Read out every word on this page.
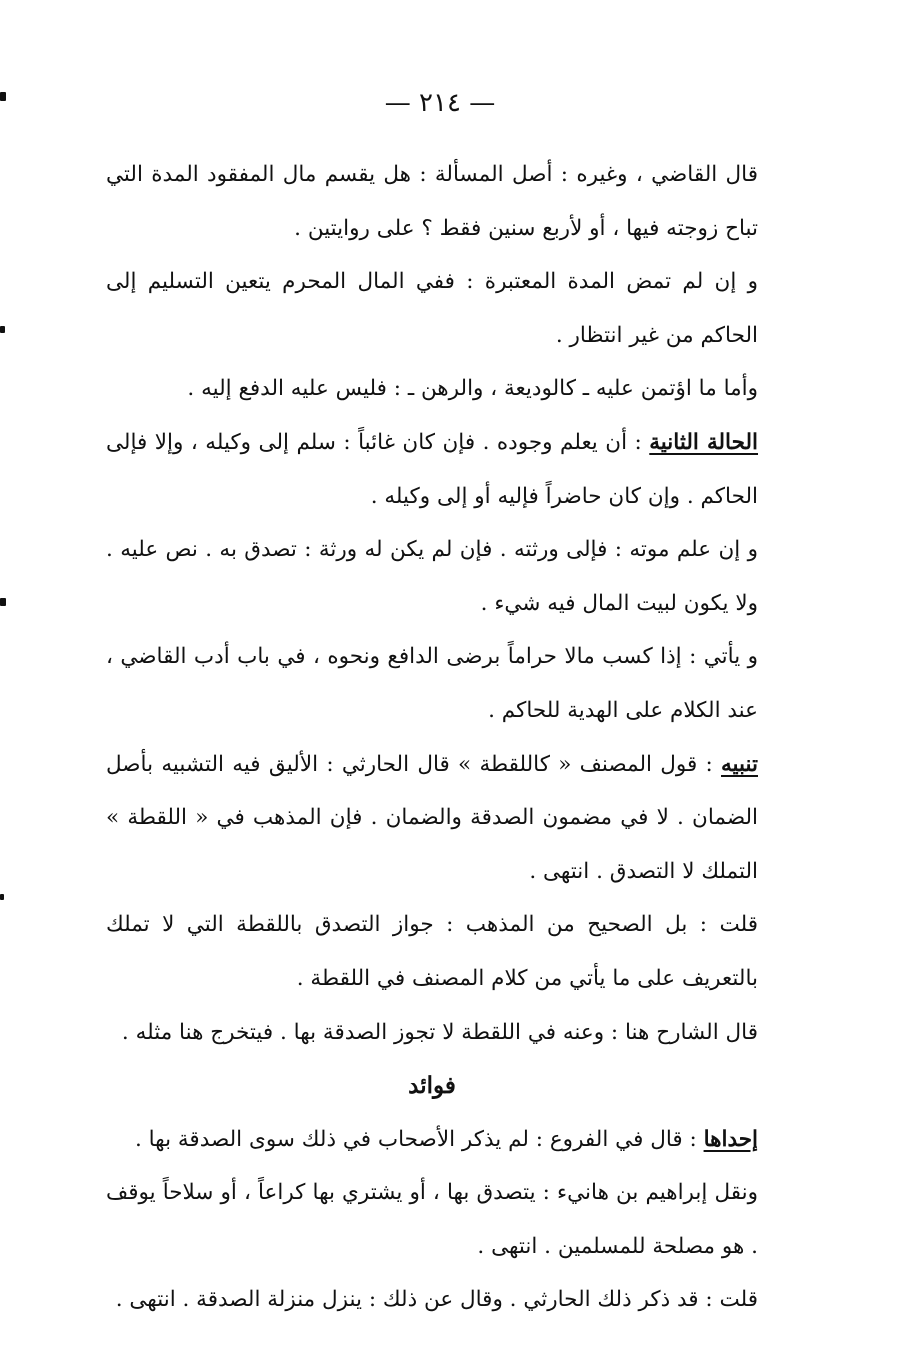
— ٢١٤ —

قال القاضي ، وغيره : أصل المسألة : هل يقسم مال المفقود المدة التي تباح زوجته فيها ، أو لأربع سنين فقط ؟ على روايتين .

و إن لم تمض المدة المعتبرة : ففي المال المحرم يتعين التسليم إلى الحاكم من غير انتظار .

وأما ما اؤتمن عليه ـ كالوديعة ، والرهن ـ : فليس عليه الدفع إليه .

الحالة الثانية : أن يعلم وجوده . فإن كان غائباً : سلم إلى وكيله ، وإلا فإلى الحاكم . وإن كان حاضراً فإليه أو إلى وكيله .

و إن علم موته : فإلى ورثته . فإن لم يكن له ورثة : تصدق به . نص عليه . ولا يكون لبيت المال فيه شيء .

و يأتي : إذا كسب مالا حراماً برضى الدافع ونحوه ، في باب أدب القاضي ، عند الكلام على الهدية للحاكم .

تنبيه : قول المصنف « كاللقطة » قال الحارثي : الأليق فيه التشبيه بأصل الضمان . لا في مضمون الصدقة والضمان . فإن المذهب في « اللقطة » التملك لا التصدق . انتهى .

قلت : بل الصحيح من المذهب : جواز التصدق باللقطة التي لا تملك بالتعريف على ما يأتي من كلام المصنف في اللقطة .

قال الشارح هنا : وعنه في اللقطة لا تجوز الصدقة بها . فيتخرج هنا مثله .

فوائد

إحداها : قال في الفروع : لم يذكر الأصحاب في ذلك سوى الصدقة بها .

ونقل إبراهيم بن هانيء : يتصدق بها ، أو يشتري بها كراعاً ، أو سلاحاً يوقف . هو مصلحة للمسلمين . انتهى .

قلت : قد ذكر ذلك الحارثي . وقال عن ذلك : ينزل منزلة الصدقة . انتهى .
